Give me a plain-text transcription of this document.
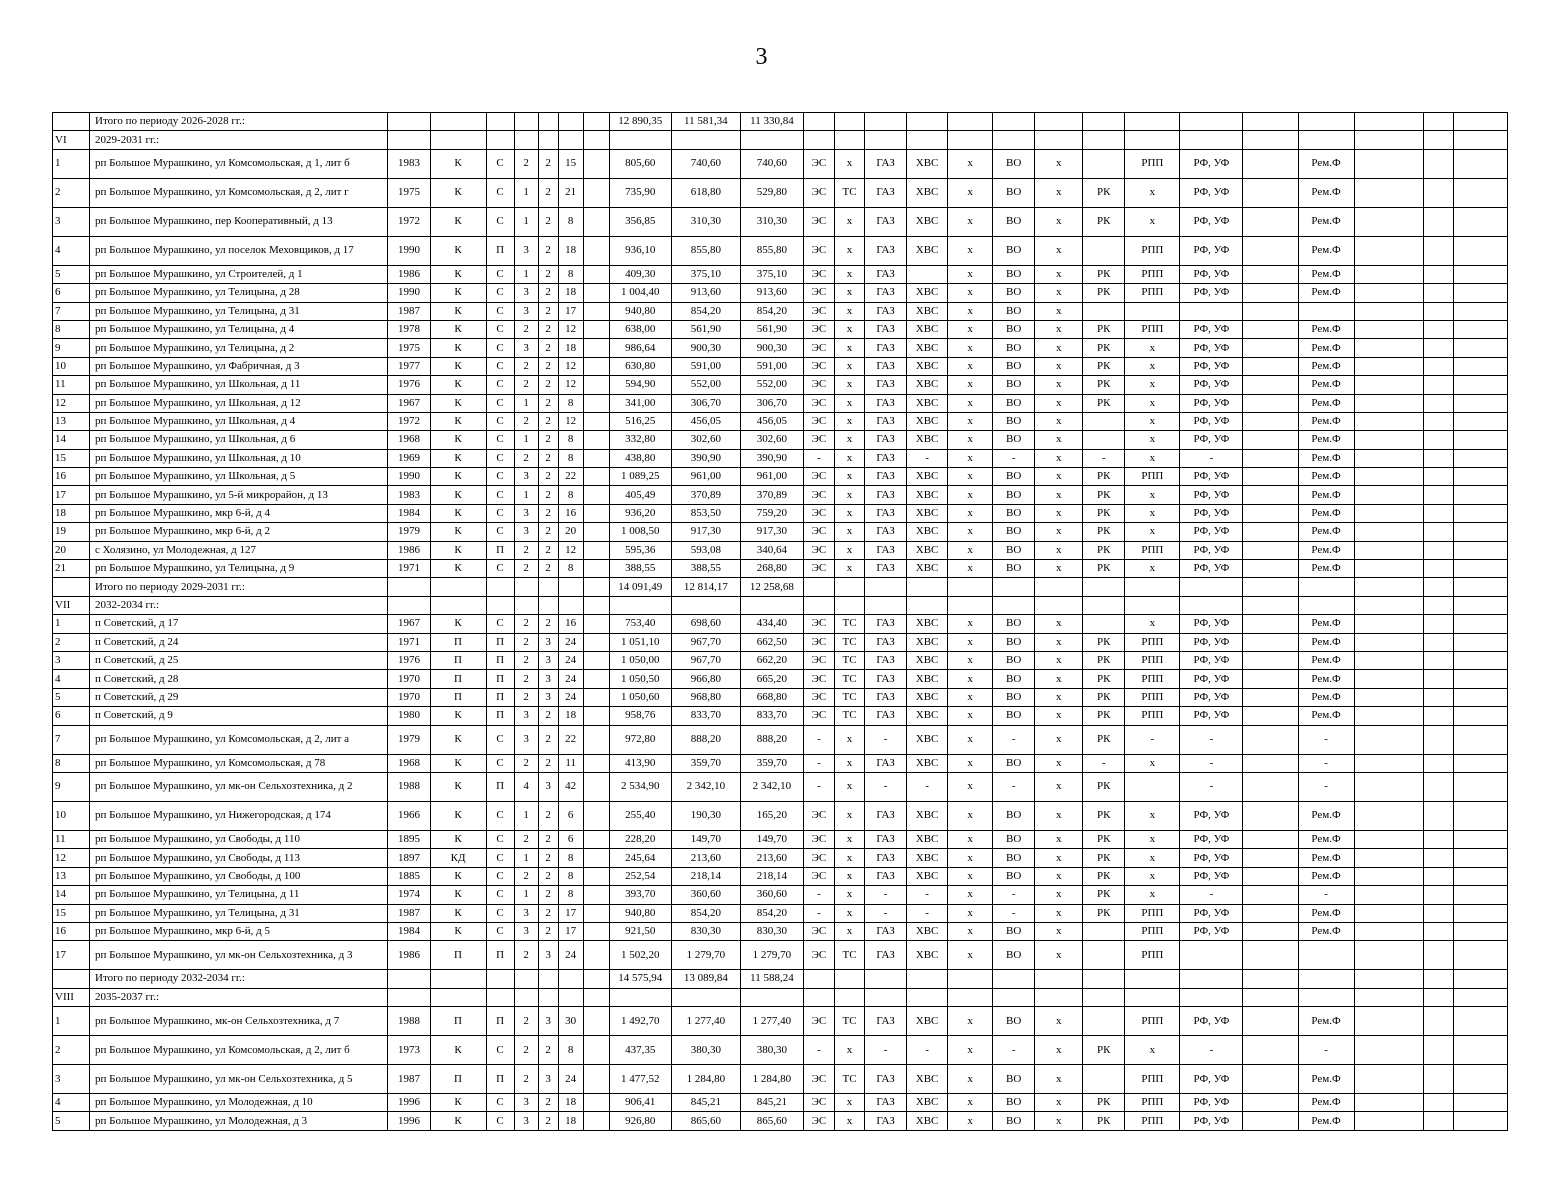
3
	Итого по периоду 2026-2028 гг.:								12 890,35	11 581,34	11 330,84															
VI	2029-2031 гг.:																									
1	рп Большое Мурашкино, ул Комсомольская, д 1, лит б	1983	К	С	2	2	15		805,60	740,60	740,60	ЭС	х	ГАЗ	ХВС	х	ВО	х		РПП	РФ, УФ		Рем.Ф			
2	рп Большое Мурашкино, ул Комсомольская, д 2, лит г	1975	К	С	1	2	21		735,90	618,80	529,80	ЭС	ТС	ГАЗ	ХВС	х	ВО	х	РК	х	РФ, УФ		Рем.Ф			
3	рп Большое Мурашкино, пер Кооперативный, д 13	1972	К	С	1	2	8		356,85	310,30	310,30	ЭС	х	ГАЗ	ХВС	х	ВО	х	РК	х	РФ, УФ		Рем.Ф			
4	рп Большое Мурашкино, ул поселок Меховщиков, д 17	1990	К	П	3	2	18		936,10	855,80	855,80	ЭС	х	ГАЗ	ХВС	х	ВО	х		РПП	РФ, УФ		Рем.Ф			
5	рп Большое Мурашкино, ул Строителей, д 1	1986	К	С	1	2	8		409,30	375,10	375,10	ЭС	х	ГАЗ		х	ВО	х	РК	РПП	РФ, УФ		Рем.Ф			
6	рп Большое Мурашкино, ул Телицына, д 28	1990	К	С	3	2	18		1 004,40	913,60	913,60	ЭС	х	ГАЗ	ХВС	х	ВО	х	РК	РПП	РФ, УФ		Рем.Ф			
7	рп Большое Мурашкино, ул Телицына, д 31	1987	К	С	3	2	17		940,80	854,20	854,20	ЭС	х	ГАЗ	ХВС	х	ВО	х								
8	рп Большое Мурашкино, ул Телицына, д 4	1978	К	С	2	2	12		638,00	561,90	561,90	ЭС	х	ГАЗ	ХВС	х	ВО	х	РК	РПП	РФ, УФ		Рем.Ф			
9	рп Большое Мурашкино, ул Телицына, д 2	1975	К	С	3	2	18		986,64	900,30	900,30	ЭС	х	ГАЗ	ХВС	х	ВО	х	РК	х	РФ, УФ		Рем.Ф			
10	рп Большое Мурашкино, ул Фабричная, д 3	1977	К	С	2	2	12		630,80	591,00	591,00	ЭС	х	ГАЗ	ХВС	х	ВО	х	РК	х	РФ, УФ		Рем.Ф			
11	рп Большое Мурашкино, ул Школьная, д 11	1976	К	С	2	2	12		594,90	552,00	552,00	ЭС	х	ГАЗ	ХВС	х	ВО	х	РК	х	РФ, УФ		Рем.Ф			
12	рп Большое Мурашкино, ул Школьная, д 12	1967	К	С	1	2	8		341,00	306,70	306,70	ЭС	х	ГАЗ	ХВС	х	ВО	х	РК	х	РФ, УФ		Рем.Ф			
13	рп Большое Мурашкино, ул Школьная, д 4	1972	К	С	2	2	12		516,25	456,05	456,05	ЭС	х	ГАЗ	ХВС	х	ВО	х		х	РФ, УФ		Рем.Ф			
14	рп Большое Мурашкино, ул Школьная, д 6	1968	К	С	1	2	8		332,80	302,60	302,60	ЭС	х	ГАЗ	ХВС	х	ВО	х		х	РФ, УФ		Рем.Ф			
15	рп Большое Мурашкино, ул Школьная, д 10	1969	К	С	2	2	8		438,80	390,90	390,90	-	х	ГАЗ	-	х	-	х	-	х	-		Рем.Ф			
16	рп Большое Мурашкино, ул Школьная, д 5	1990	К	С	3	2	22		1 089,25	961,00	961,00	ЭС	х	ГАЗ	ХВС	х	ВО	х	РК	РПП	РФ, УФ		Рем.Ф			
17	рп Большое Мурашкино, ул 5-й микрорайон, д 13	1983	К	С	1	2	8		405,49	370,89	370,89	ЭС	х	ГАЗ	ХВС	х	ВО	х	РК	х	РФ, УФ		Рем.Ф			
18	рп Большое Мурашкино, мкр 6-й, д 4	1984	К	С	3	2	16		936,20	853,50	759,20	ЭС	х	ГАЗ	ХВС	х	ВО	х	РК	х	РФ, УФ		Рем.Ф			
19	рп Большое Мурашкино, мкр 6-й, д 2	1979	К	С	3	2	20		1 008,50	917,30	917,30	ЭС	х	ГАЗ	ХВС	х	ВО	х	РК	х	РФ, УФ		Рем.Ф			
20	с Холязино, ул Молодежная, д 127	1986	К	П	2	2	12		595,36	593,08	340,64	ЭС	х	ГАЗ	ХВС	х	ВО	х	РК	РПП	РФ, УФ		Рем.Ф			
21	рп Большое Мурашкино, ул Телицына, д 9	1971	К	С	2	2	8		388,55	388,55	268,80	ЭС	х	ГАЗ	ХВС	х	ВО	х	РК	х	РФ, УФ		Рем.Ф			
	Итого по периоду 2029-2031 гг.:								14 091,49	12 814,17	12 258,68															
VII	2032-2034 гг.:																									
1	п Советский, д 17	1967	К	С	2	2	16		753,40	698,60	434,40	ЭС	ТС	ГАЗ	ХВС	х	ВО	х		х	РФ, УФ		Рем.Ф			
2	п Советский, д 24	1971	П	П	2	3	24		1 051,10	967,70	662,50	ЭС	ТС	ГАЗ	ХВС	х	ВО	х	РК	РПП	РФ, УФ		Рем.Ф			
3	п Советский, д 25	1976	П	П	2	3	24		1 050,00	967,70	662,20	ЭС	ТС	ГАЗ	ХВС	х	ВО	х	РК	РПП	РФ, УФ		Рем.Ф			
4	п Советский, д 28	1970	П	П	2	3	24		1 050,50	966,80	665,20	ЭС	ТС	ГАЗ	ХВС	х	ВО	х	РК	РПП	РФ, УФ		Рем.Ф			
5	п Советский, д 29	1970	П	П	2	3	24		1 050,60	968,80	668,80	ЭС	ТС	ГАЗ	ХВС	х	ВО	х	РК	РПП	РФ, УФ		Рем.Ф			
6	п Советский, д 9	1980	К	П	3	2	18		958,76	833,70	833,70	ЭС	ТС	ГАЗ	ХВС	х	ВО	х	РК	РПП	РФ, УФ		Рем.Ф			
7	рп Большое Мурашкино, ул Комсомольская, д 2, лит а	1979	К	С	3	2	22		972,80	888,20	888,20	-	х	-	ХВС	х	-	х	РК	-	-		-			
8	рп Большое Мурашкино, ул Комсомольская, д 78	1968	К	С	2	2	11		413,90	359,70	359,70	-	х	ГАЗ	ХВС	х	ВО	х	-	х	-		-			
9	рп Большое Мурашкино, ул мк-он Сельхозтехника, д 2	1988	К	П	4	3	42		2 534,90	2 342,10	2 342,10	-	х	-	-	х	-	х	РК		-		-			
10	рп Большое Мурашкино, ул Нижегородская, д 174	1966	К	С	1	2	6		255,40	190,30	165,20	ЭС	х	ГАЗ	ХВС	х	ВО	х	РК	х	РФ, УФ		Рем.Ф			
11	рп Большое Мурашкино, ул Свободы, д 110	1895	К	С	2	2	6		228,20	149,70	149,70	ЭС	х	ГАЗ	ХВС	х	ВО	х	РК	х	РФ, УФ		Рем.Ф			
12	рп Большое Мурашкино, ул Свободы, д 113	1897	КД	С	1	2	8		245,64	213,60	213,60	ЭС	х	ГАЗ	ХВС	х	ВО	х	РК	х	РФ, УФ		Рем.Ф			
13	рп Большое Мурашкино, ул Свободы, д 100	1885	К	С	2	2	8		252,54	218,14	218,14	ЭС	х	ГАЗ	ХВС	х	ВО	х	РК	х	РФ, УФ		Рем.Ф			
14	рп Большое Мурашкино, ул Телицына, д 11	1974	К	С	1	2	8		393,70	360,60	360,60	-	х	-	-	х	-	х	РК	х	-		-			
15	рп Большое Мурашкино, ул Телицына, д 31	1987	К	С	3	2	17		940,80	854,20	854,20	-	х	-	-	х	-	х	РК	РПП	РФ, УФ		Рем.Ф			
16	рп Большое Мурашкино, мкр 6-й, д 5	1984	К	С	3	2	17		921,50	830,30	830,30	ЭС	х	ГАЗ	ХВС	х	ВО	х		РПП	РФ, УФ		Рем.Ф			
17	рп Большое Мурашкино, ул мк-он Сельхозтехника, д 3	1986	П	П	2	3	24		1 502,20	1 279,70	1 279,70	ЭС	ТС	ГАЗ	ХВС	х	ВО	х		РПП						
	Итого по периоду 2032-2034 гг.:								14 575,94	13 089,84	11 588,24															
VIII	2035-2037 гг.:																									
1	рп Большое Мурашкино, мк-он Сельхозтехника, д 7	1988	П	П	2	3	30		1 492,70	1 277,40	1 277,40	ЭС	ТС	ГАЗ	ХВС	х	ВО	х		РПП	РФ, УФ		Рем.Ф			
2	рп Большое Мурашкино, ул Комсомольская, д 2, лит б	1973	К	С	2	2	8		437,35	380,30	380,30	-	х	-	-	х	-	х	РК	х	-		-			
3	рп Большое Мурашкино, ул мк-он Сельхозтехника, д 5	1987	П	П	2	3	24		1 477,52	1 284,80	1 284,80	ЭС	ТС	ГАЗ	ХВС	х	ВО	х		РПП	РФ, УФ		Рем.Ф			
4	рп Большое Мурашкино, ул Молодежная, д 10	1996	К	С	3	2	18		906,41	845,21	845,21	ЭС	х	ГАЗ	ХВС	х	ВО	х	РК	РПП	РФ, УФ		Рем.Ф			
5	рп Большое Мурашкино, ул Молодежная, д 3	1996	К	С	3	2	18		926,80	865,60	865,60	ЭС	х	ГАЗ	ХВС	х	ВО	х	РК	РПП	РФ, УФ		Рем.Ф			
